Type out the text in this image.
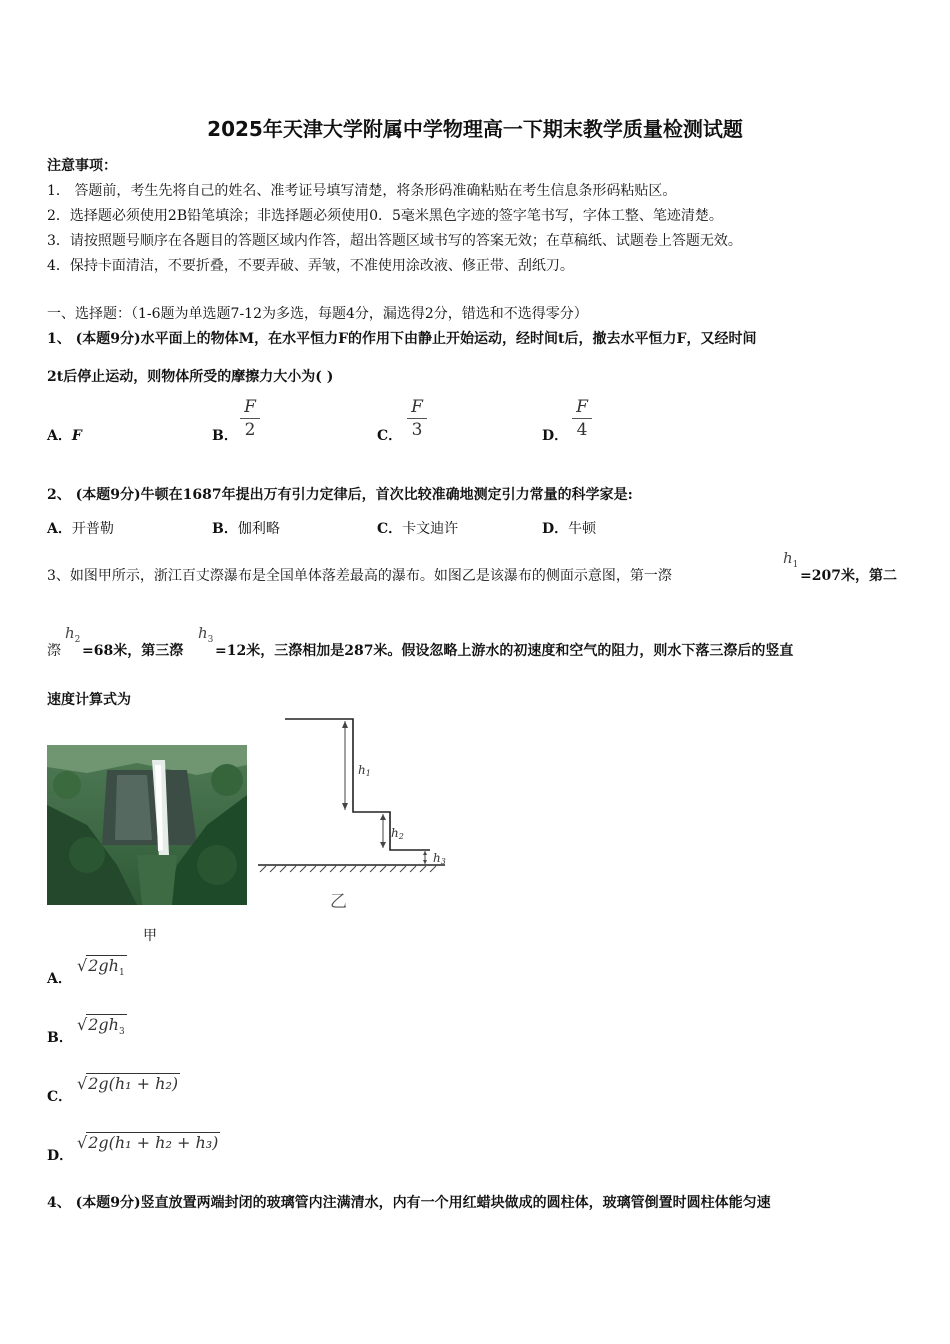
2025年天津大学附属中学物理高一下期末教学质量检测试题
注意事项：
1． 答题前，考生先将自己的姓名、准考证号填写清楚，将条形码准确粘贴在考生信息条形码粘贴区。
2．选择题必须使用2B铅笔填涂；非选择题必须使用0．5毫米黑色字迹的签字笔书写，字体工整、笔迹清楚。
3．请按照题号顺序在各题目的答题区域内作答，超出答题区域书写的答案无效；在草稿纸、试题卷上答题无效。
4．保持卡面清洁，不要折叠，不要弄破、弄皱，不准使用涂改液、修正带、刮纸刀。
一、选择题：（1-6题为单选题7-12为多选，每题4分，漏选得2分，错选和不选得零分）
1、 (本题9分)水平面上的物体M，在水平恒力F的作用下由静止开始运动，经时间t后，撤去水平恒力F，又经时间
2t后停止运动，则物体所受的摩擦力大小为( )
A．F	B．
F
2	C．
F
3	D．
F
4
2、 (本题9分)牛顿在1687年提出万有引力定律后，首次比较准确地测定引力常量的科学家是:
A．开普勒	B．伽利略	C．卡文迪许	D．牛顿
3、如图甲所示，浙江百丈漈瀑布是全国单体落差最高的瀑布。如图乙是该瀑布的侧面示意图，第一漈
$h_1$
=207米，第二
漈
$h_2$
=68米，第三漈
$h_3$
=12米，三漈相加是287米。假设忽略上游水的初速度和空气的阻力，则水下落三漈后的竖直
速度计算式为
甲
h1
h2
h3
乙
A．
$√2gh_1$
B．
$√2gh_3$
C．
√2g(h₁ + h₂)
D．
√2g(h₁ + h₂ + h₃)
4、 (本题9分)竖直放置两端封闭的玻璃管内注满清水，内有一个用红蜡块做成的圆柱体，玻璃管倒置时圆柱体能匀速
